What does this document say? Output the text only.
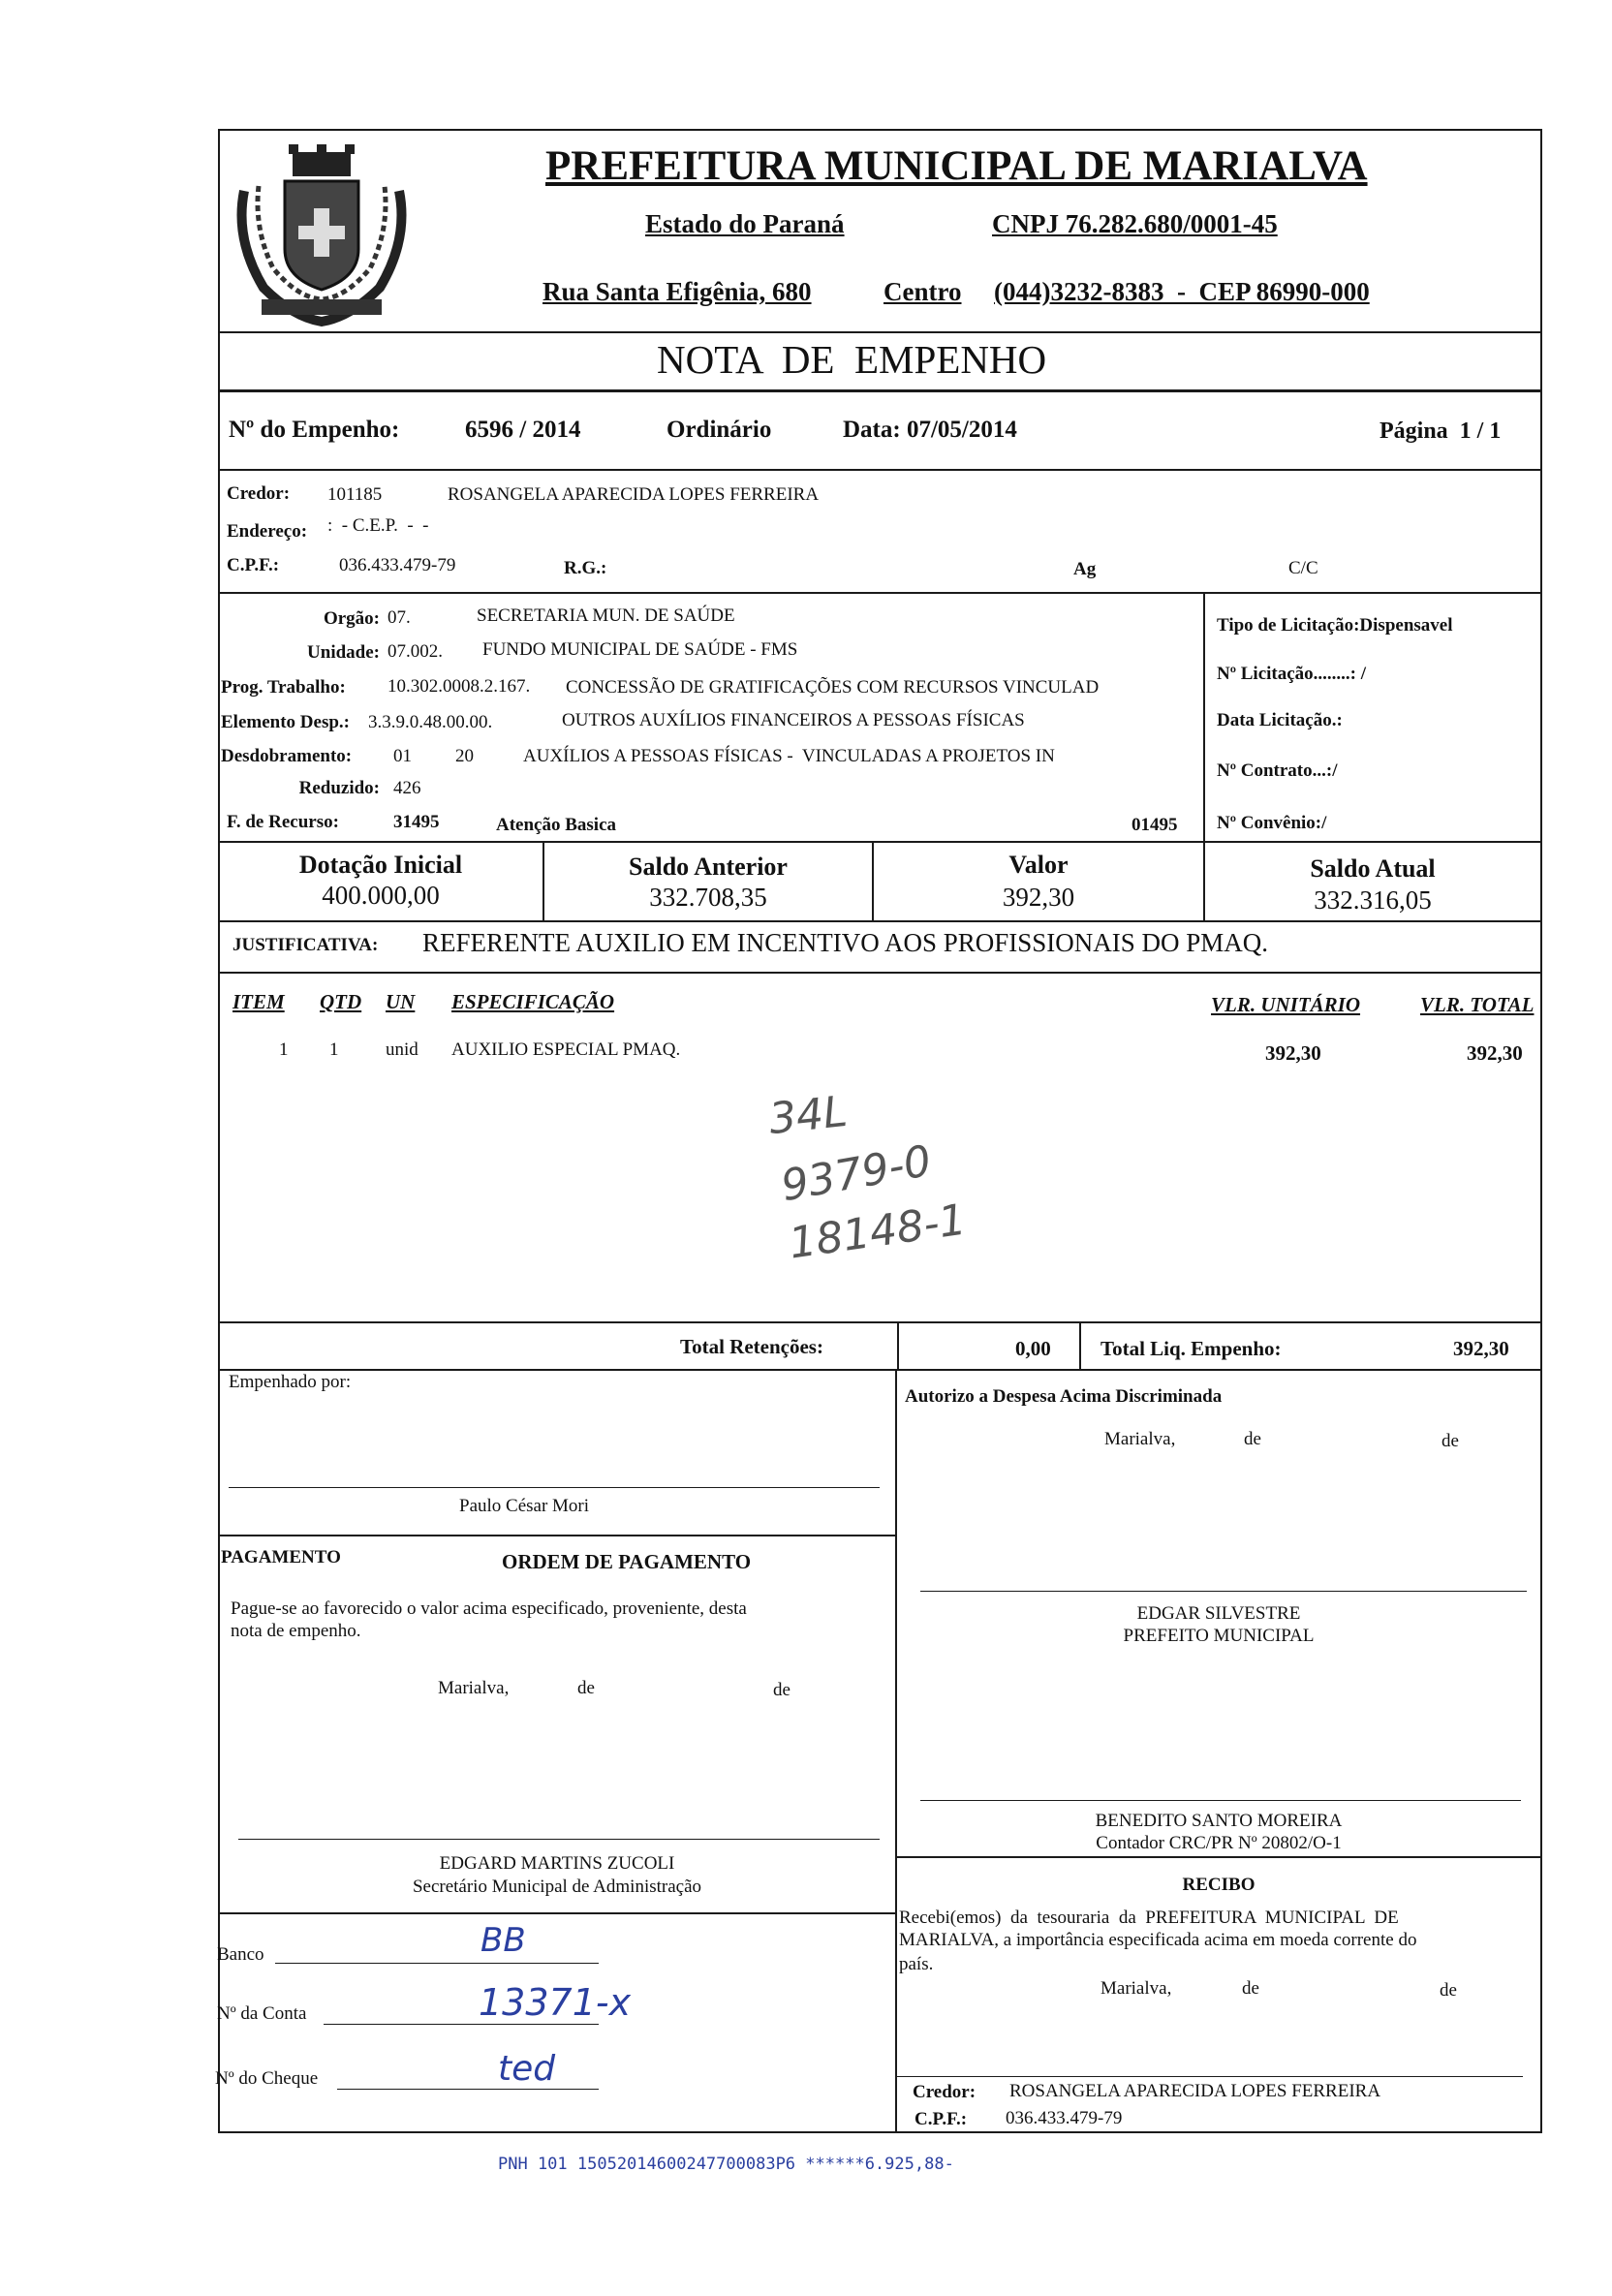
PREFEITURA MUNICIPAL DE MARIALVA
Estado do Paraná	CNPJ 76.282.680/0001-45
Rua Santa Efigênia, 680	Centro (044)3232-8383  -  CEP 86990-000
NOTA  DE  EMPENHO
Nº do Empenho:	6596 / 2014	Ordinário	Data: 07/05/2014	Página  1 / 1
Credor: 101185	ROSANGELA APARECIDA LOPES FERREIRA
Endereço: :  - C.E.P.  -  -
C.P.F.:	036.433.479-79	R.G.:	Ag	C/C
Orgão: 07.	SECRETARIA MUN. DE SAÚDE
Unidade: 07.002. FUNDO MUNICIPAL DE SAÚDE - FMS
Prog. Trabalho: 10.302.0008.2.167. CONCESSÃO DE GRATIFICAÇÕES COM RECURSOS VINCULAD
Elemento Desp.: 3.3.9.0.48.00.00.	OUTROS AUXÍLIOS FINANCEIROS A PESSOAS FÍSICAS
Desdobramento: 01 20	AUXÍLIOS A PESSOAS FÍSICAS -  VINCULADAS A PROJETOS IN
Reduzido: 426
F. de Recurso:	31495	Atenção Basica	01495
Tipo de Licitação:Dispensavel
Nº Licitação........: /
Data Licitação.:
Nº Contrato...:/
Nº Convênio:/
Dotação Inicial
400.000,00
Saldo Anterior
332.708,35
Valor
392,30
Saldo Atual
332.316,05
JUSTIFICATIVA: REFERENTE AUXILIO EM INCENTIVO AOS PROFISSIONAIS DO PMAQ.
ITEM QTD UN ESPECIFICAÇÃO	VLR. UNITÁRIO	VLR. TOTAL
1 1	unid AUXILIO ESPECIAL PMAQ.	392,30	392,30
34L
9379-0
18148-1
Total Retenções:	0,00 Total Liq. Empenho:	392,30
Empenhado por:
Paulo César Mori
Autorizo a Despesa Acima Discriminada
Marialva,	de	de
PAGAMENTO	ORDEM DE PAGAMENTO
Pague-se ao favorecido o valor acima especificado, proveniente, desta
nota de empenho.
Marialva,	de	de
EDGAR SILVESTRE
PREFEITO MUNICIPAL
BENEDITO SANTO MOREIRA
Contador CRC/PR Nº 20802/O-1
EDGARD MARTINS ZUCOLI
Secretário Municipal de Administração	RECIBO
Recebi(emos)  da  tesouraria  da  PREFEITURA  MUNICIPAL  DE
MARIALVA, a importância especificada acima em moeda corrente do
país.
Marialva,	de	de
Banco	BB
Nº da Conta	13371-x
Nº do Cheque	ted
Credor: ROSANGELA APARECIDA LOPES FERREIRA
C.P.F.: 036.433.479-79
PNH 101 15052014600247700083P6 ******6.925,88-
